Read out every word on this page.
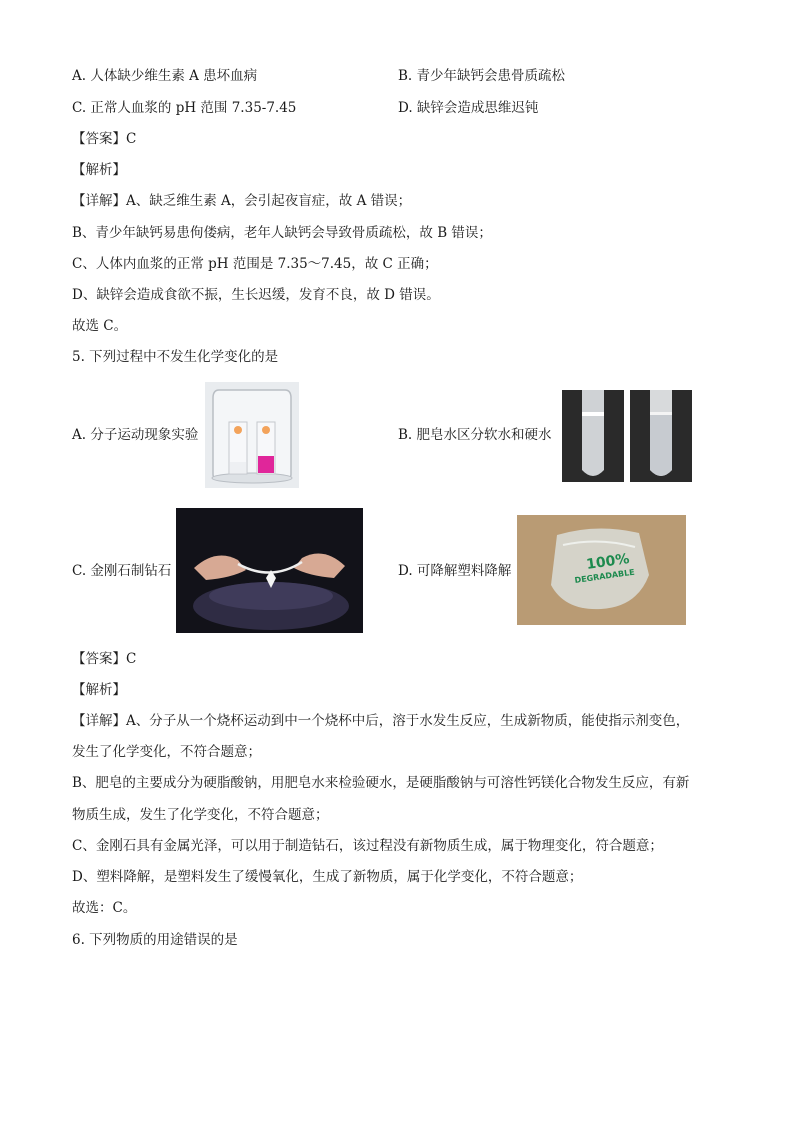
A. 人体缺少维生素 A 患坏血病	B. 青少年缺钙会患骨质疏松
C. 正常人血浆的 pH 范围 7.35-7.45	D. 缺锌会造成思维迟钝
【答案】C
【解析】
【详解】A、缺乏维生素 A，会引起夜盲症，故 A 错误；
B、青少年缺钙易患佝偻病，老年人缺钙会导致骨质疏松，故 B 错误；
C、人体内血浆的正常 pH 范围是 7.35～7.45，故 C 正确；
D、缺锌会造成食欲不振，生长迟缓，发育不良，故 D 错误。
故选 C。
5. 下列过程中不发生化学变化的是
A. 分子运动现象实验	B. 肥皂水区分软水和硬水
C. 金刚石制钻石	D. 可降解塑料降解	100%
DEGRADABLE
【答案】C
【解析】
【详解】A、分子从一个烧杯运动到中一个烧杯中后，溶于水发生反应，生成新物质，能使指示剂变色，
发生了化学变化，不符合题意；
B、肥皂的主要成分为硬脂酸钠，用肥皂水来检验硬水，是硬脂酸钠与可溶性钙镁化合物发生反应，有新
物质生成，发生了化学变化，不符合题意；
C、金刚石具有金属光泽，可以用于制造钻石，该过程没有新物质生成，属于物理变化，符合题意；
D、塑料降解，是塑料发生了缓慢氧化，生成了新物质，属于化学变化，不符合题意；
故选：C。
6. 下列物质的用途错误的是
